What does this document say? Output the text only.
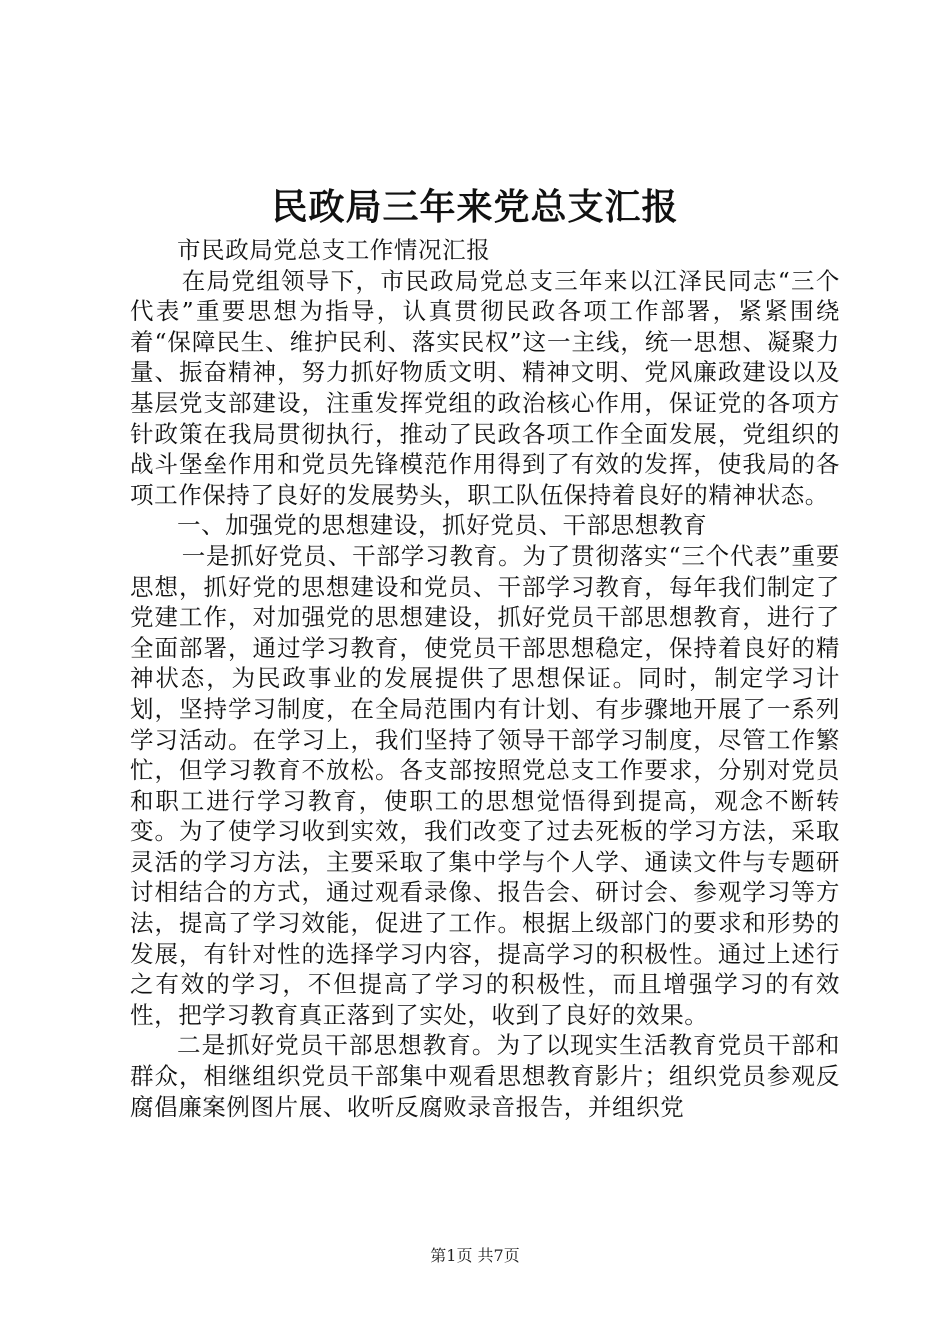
民政局三年来党总支汇报

市民政局党总支工作情况汇报

在局党组领导下，市民政局党总支三年来以江泽民同志“三个代表”重要思想为指导，认真贯彻民政各项工作部署，紧紧围绕着“保障民生、维护民利、落实民权”这一主线，统一思想、凝聚力量、振奋精神，努力抓好物质文明、精神文明、党风廉政建设以及基层党支部建设，注重发挥党组的政治核心作用，保证党的各项方针政策在我局贯彻执行，推动了民政各项工作全面发展，党组织的战斗堡垒作用和党员先锋模范作用得到了有效的发挥，使我局的各项工作保持了良好的发展势头，职工队伍保持着良好的精神状态。

一、加强党的思想建设，抓好党员、干部思想教育

一是抓好党员、干部学习教育。为了贯彻落实“三个代表”重要思想，抓好党的思想建设和党员、干部学习教育，每年我们制定了党建工作，对加强党的思想建设，抓好党员干部思想教育，进行了全面部署，通过学习教育，使党员干部思想稳定，保持着良好的精神状态，为民政事业的发展提供了思想保证。同时，制定学习计划，坚持学习制度，在全局范围内有计划、有步骤地开展了一系列学习活动。在学习上，我们坚持了领导干部学习制度，尽管工作繁忙，但学习教育不放松。各支部按照党总支工作要求，分别对党员和职工进行学习教育，使职工的思想觉悟得到提高，观念不断转变。为了使学习收到实效，我们改变了过去死板的学习方法，采取灵活的学习方法，主要采取了集中学与个人学、通读文件与专题研讨相结合的方式，通过观看录像、报告会、研讨会、参观学习等方法，提高了学习效能，促进了工作。根据上级部门的要求和形势的发展，有针对性的选择学习内容，提高学习的积极性。通过上述行之有效的学习，不但提高了学习的积极性，而且增强学习的有效性，把学习教育真正落到了实处，收到了良好的效果。

二是抓好党员干部思想教育。为了以现实生活教育党员干部和群众，相继组织党员干部集中观看思想教育影片；组织党员参观反腐倡廉案例图片展、收听反腐败录音报告，并组织党

第1页 共7页
